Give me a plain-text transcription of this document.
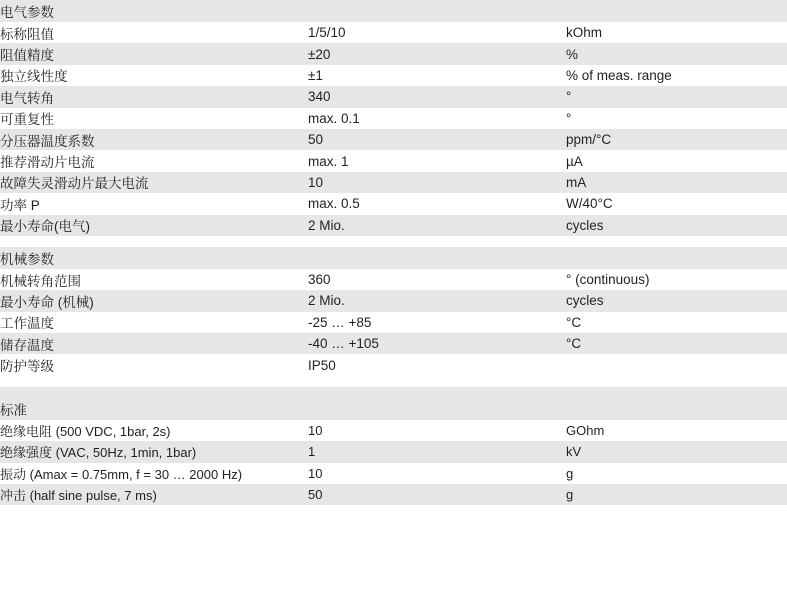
电气参数		
标称阻值	1/5/10	kOhm
阻值精度	±20	%
独立线性度	±1	% of meas. range
电气转角	340	°
可重复性	max. 0.1	°
分压器温度系数	50	ppm/°C
推荐滑动片电流	max. 1	µA
故障失灵滑动片最大电流	10	mA
功率 P	max. 0.5	W/40°C
最小寿命(电气)	2 Mio.	cycles

机械参数		
机械转角范围	360	° (continuous)
最小寿命 (机械)	2 Mio.	cycles
工作温度	-25 … +85	°C
储存温度	-40 … +105	°C
防护等级	IP50	

标准		
绝缘电阻 (500 VDC, 1bar, 2s)	10	GOhm
绝缘强度 (VAC, 50Hz, 1min, 1bar)	1	kV
振动 (Amax = 0.75mm, f = 30 … 2000 Hz)	10	g
冲击 (half sine pulse, 7 ms)	50	g
